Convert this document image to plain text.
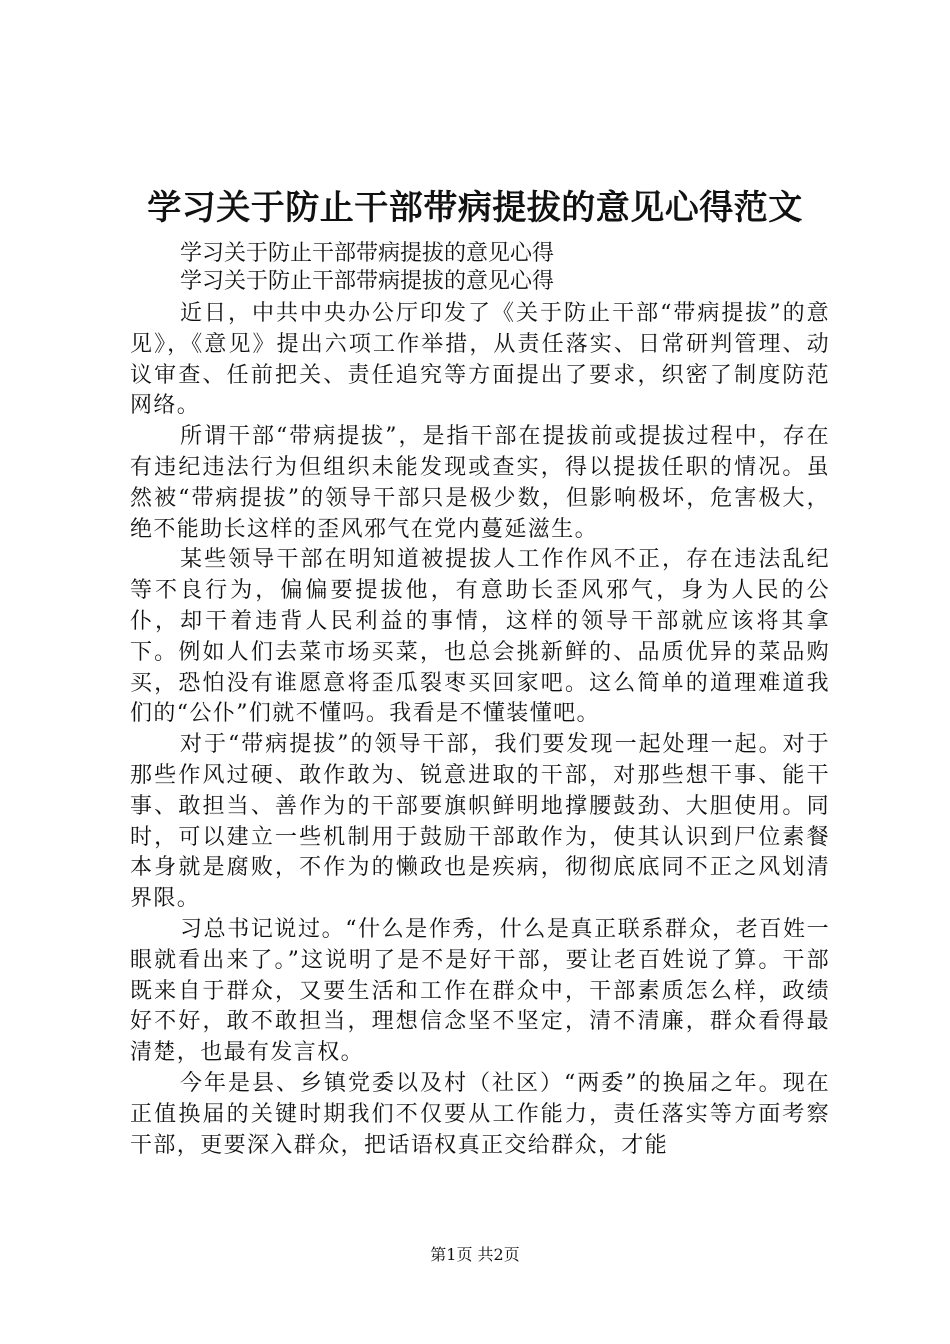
学习关于防止干部带病提拔的意见心得范文

学习关于防止干部带病提拔的意见心得

学习关于防止干部带病提拔的意见心得

近日，中共中央办公厅印发了《关于防止干部“带病提拔”的意见》，《意见》提出六项工作举措，从责任落实、日常研判管理、动议审查、任前把关、责任追究等方面提出了要求，织密了制度防范网络。

所谓干部“带病提拔”，是指干部在提拔前或提拔过程中，存在有违纪违法行为但组织未能发现或查实，得以提拔任职的情况。虽然被“带病提拔”的领导干部只是极少数，但影响极坏，危害极大，绝不能助长这样的歪风邪气在党内蔓延滋生。

某些领导干部在明知道被提拔人工作作风不正，存在违法乱纪等不良行为，偏偏要提拔他，有意助长歪风邪气，身为人民的公仆，却干着违背人民利益的事情，这样的领导干部就应该将其拿下。例如人们去菜市场买菜，也总会挑新鲜的、品质优异的菜品购买，恐怕没有谁愿意将歪瓜裂枣买回家吧。这么简单的道理难道我们的“公仆”们就不懂吗。我看是不懂装懂吧。

对于“带病提拔”的领导干部，我们要发现一起处理一起。对于那些作风过硬、敢作敢为、锐意进取的干部，对那些想干事、能干事、敢担当、善作为的干部要旗帜鲜明地撑腰鼓劲、大胆使用。同时，可以建立一些机制用于鼓励干部敢作为，使其认识到尸位素餐本身就是腐败，不作为的懒政也是疾病，彻彻底底同不正之风划清界限。

习总书记说过。“什么是作秀，什么是真正联系群众，老百姓一眼就看出来了。”这说明了是不是好干部，要让老百姓说了算。干部既来自于群众，又要生活和工作在群众中，干部素质怎么样，政绩好不好，敢不敢担当，理想信念坚不坚定，清不清廉，群众看得最清楚，也最有发言权。

今年是县、乡镇党委以及村（社区）“两委”的换届之年。现在正值换届的关键时期我们不仅要从工作能力，责任落实等方面考察干部，更要深入群众，把话语权真正交给群众，才能

第1页 共2页
